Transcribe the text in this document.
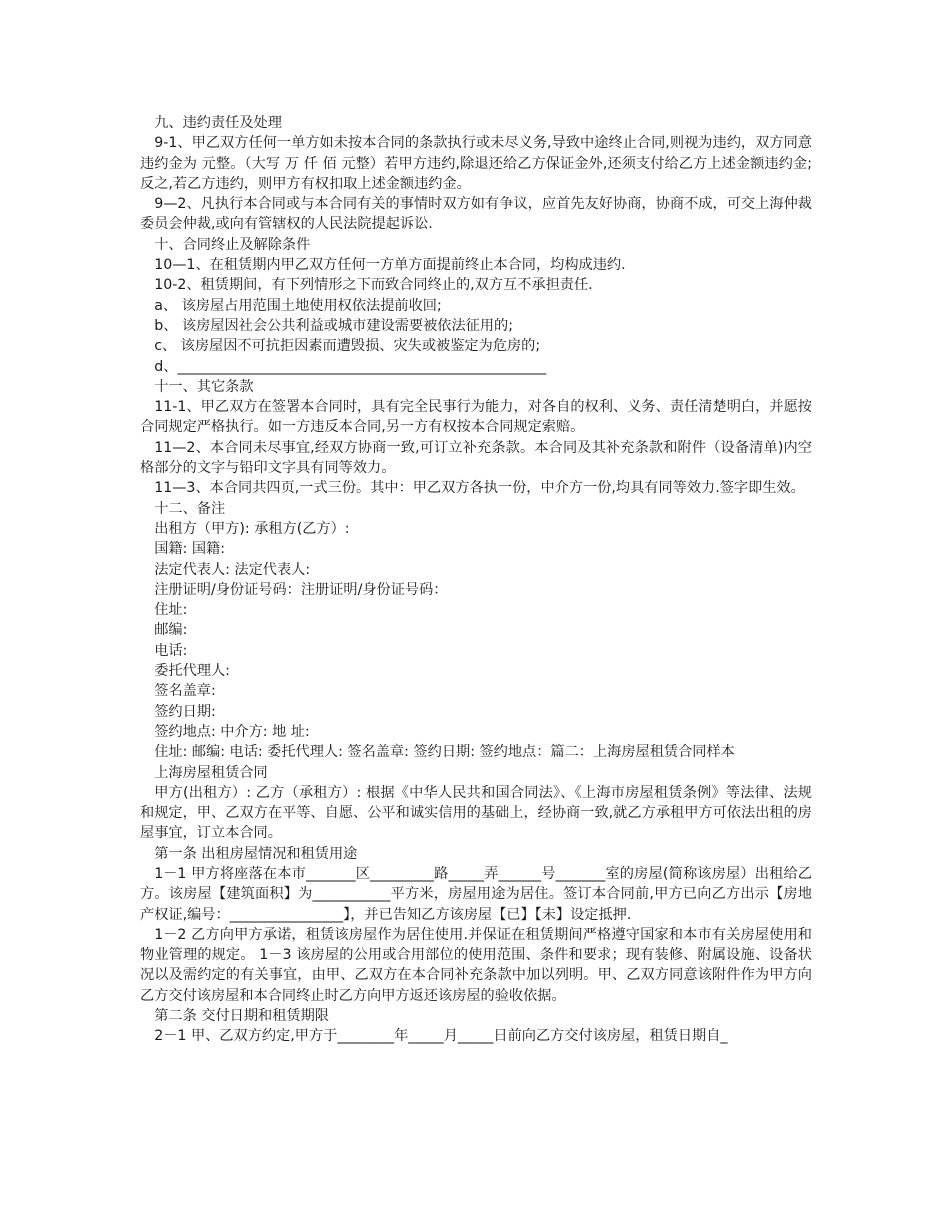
九、违约责任及处理

9-1、甲乙双方任何一单方如未按本合同的条款执行或未尽义务,导致中途终止合同,则视为违约，双方同意违约金为 元整。（大写 万 仟 佰 元整）若甲方违约,除退还给乙方保证金外,还须支付给乙方上述金额违约金;反之,若乙方违约，则甲方有权扣取上述金额违约金。

9—2、凡执行本合同或与本合同有关的事情时双方如有争议，应首先友好协商，协商不成，可交上海仲裁委员会仲裁,或向有管辖权的人民法院提起诉讼.

十、合同终止及解除条件

10—1、在租赁期内甲乙双方任何一方单方面提前终止本合同，均构成违约.

10-2、租赁期间，有下列情形之下而致合同终止的,双方互不承担责任.

a、 该房屋占用范围土地使用权依法提前收回;

b、 该房屋因社会公共利益或城市建设需要被依法征用的;

c、 该房屋因不可抗拒因素而遭毁损、灾失或被鉴定为危房的;

d、____________________________________________________

十一、其它条款

11-1、甲乙双方在签署本合同时，具有完全民事行为能力，对各自的权利、义务、责任清楚明白，并愿按合同规定严格执行。如一方违反本合同,另一方有权按本合同规定索赔。

11—2、本合同未尽事宜,经双方协商一致,可订立补充条款。本合同及其补充条款和附件（设备清单)内空格部分的文字与铅印文字具有同等效力。

11—3、本合同共四页,一式三份。其中：甲乙双方各执一份，中介方一份,均具有同等效力.签字即生效。

十二、备注

出租方（甲方): 承租方(乙方）:

国籍: 国籍:

法定代表人: 法定代表人:

注册证明/身份证号码：注册证明/身份证号码：

住址:

邮编:

电话:

委托代理人:

签名盖章:

签约日期:

签约地点: 中介方: 地 址:

住址: 邮编: 电话: 委托代理人: 签名盖章: 签约日期: 签约地点：篇二：上海房屋租赁合同样本

上海房屋租赁合同

甲方(出租方）: 乙方（承租方）: 根据《中华人民共和国合同法》、《上海市房屋租赁条例》等法律、法规和规定，甲、乙双方在平等、自愿、公平和诚实信用的基础上，经协商一致,就乙方承租甲方可依法出租的房屋事宜，订立本合同。

第一条 出租房屋情况和租赁用途

1－1 甲方将座落在本市_______区_________路_____弄______号_______室的房屋(简称该房屋）出租给乙方。该房屋【建筑面积】为___________平方米，房屋用途为居住。签订本合同前,甲方已向乙方出示【房地产权证,编号：________________】，并已告知乙方该房屋【已】【未】设定抵押.

1－2 乙方向甲方承诺，租赁该房屋作为居住使用.并保证在租赁期间严格遵守国家和本市有关房屋使用和物业管理的规定。 1－3 该房屋的公用或合用部位的使用范围、条件和要求；现有装修、附属设施、设备状况以及需约定的有关事宜，由甲、乙双方在本合同补充条款中加以列明。甲、乙双方同意该附件作为甲方向乙方交付该房屋和本合同终止时乙方向甲方返还该房屋的验收依据。

第二条 交付日期和租赁期限

2－1 甲、乙双方约定,甲方于________年_____月_____日前向乙方交付该房屋，租赁日期自_
